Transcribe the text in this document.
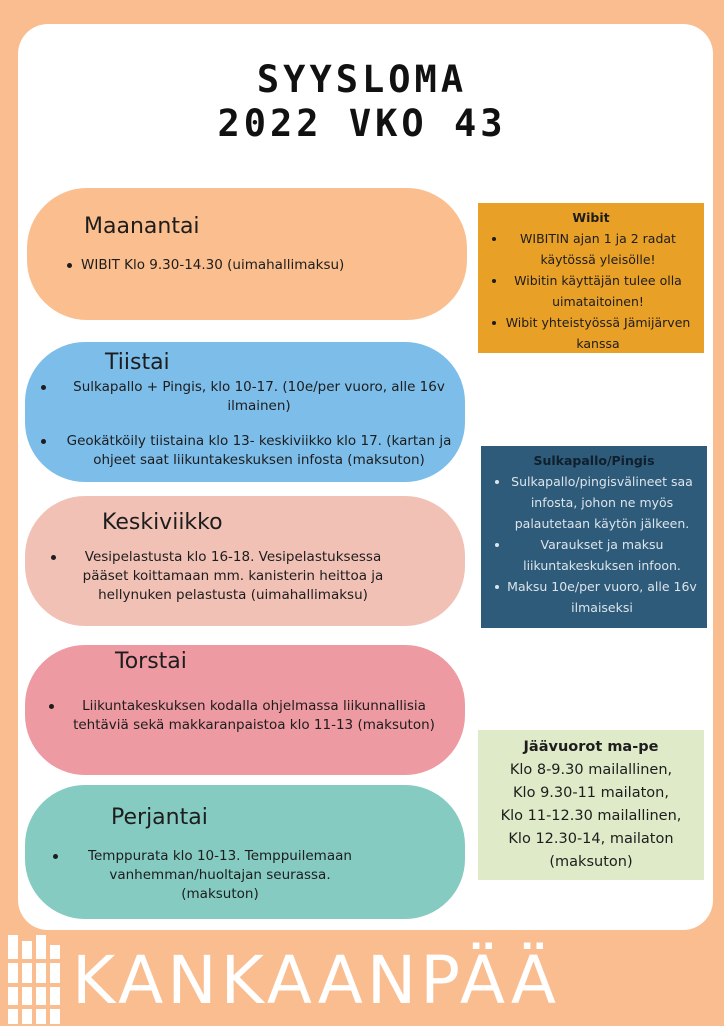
SYYSLOMA
2022 VKO 43
Maanantai
WIBIT Klo 9.30-14.30 (uimahallimaksu)
Tiistai
Sulkapallo + Pingis, klo 10-17. (10e/per vuoro, alle 16v ilmainen)
Geokätköily tiistaina klo 13- keskiviikko klo 17. (kartan ja ohjeet saat liikuntakeskuksen infosta (maksuton)
Keskiviikko
Vesipelastusta klo 16-18. Vesipelastuksessa pääset koittamaan mm. kanisterin heittoa ja hellynuken pelastusta (uimahallimaksu)
Torstai
Liikuntakeskuksen kodalla ohjelmassa liikunnallisia tehtäviä sekä makkaranpaistoa klo 11-13 (maksuton)
Perjantai
Temppurata klo 10-13. Temppuilemaan vanhemman/huoltajan seurassa. (maksuton)
Wibit
WIBITIN ajan 1 ja 2 radat käytössä yleisölle!
Wibitin käyttäjän tulee olla uimataitoinen!
Wibit yhteistyössä Jämijärven kanssa
Sulkapallo/Pingis
Sulkapallo/pingisvälineet saa infosta, johon ne myös palautetaan käytön jälkeen.
Varaukset ja maksu liikuntakeskuksen infoon.
Maksu 10e/per vuoro, alle 16v ilmaiseksi
Jäävuorot ma-pe
Klo 8-9.30 mailallinen,
Klo 9.30-11 mailaton,
Klo 11-12.30 mailallinen,
Klo 12.30-14, mailaton
(maksuton)
KANKAANPÄÄ
